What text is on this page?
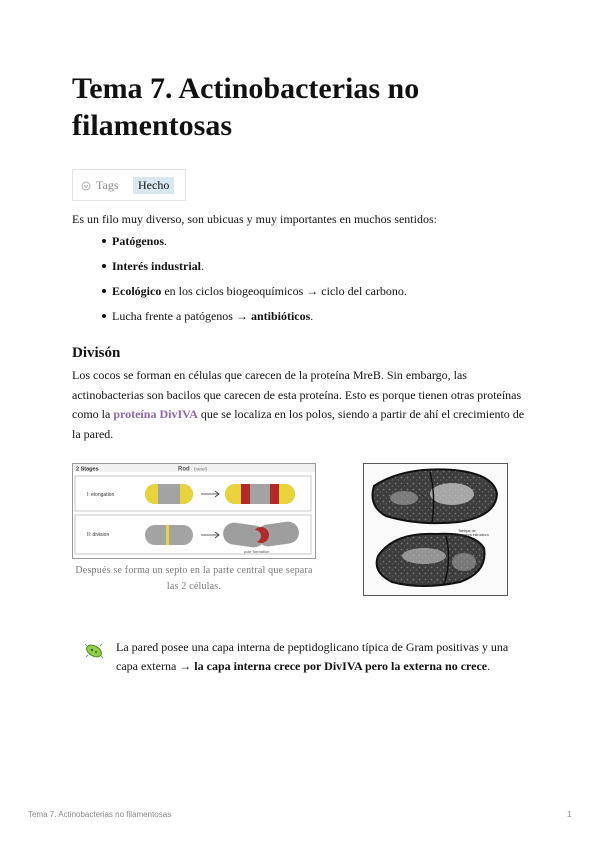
Tema 7. Actinobacterias no filamentosas
Tags	Hecho

Es un filo muy diverso, son ubicuas y muy importantes en muchos sentidos:

Patógenos.
Interés industrial.
Ecológico en los ciclos biogeoquímicos → ciclo del carbono.
Lucha frente a patógenos → antibióticos.
Divisón

Los cocos se forman en células que carecen de la proteína MreB. Sin embargo, las actinobacterias son bacilos que carecen de esta proteína. Esto es porque tienen otras proteínas como la proteína DivIVA que se localiza en los polos, siendo a partir de ahí el crecimiento de la pared.

2 Stages	Rod (ranel)
I: elongation
II: division
pole formation
Después se forma un septo en la parte central que separa las 2 células.
Tabique de
la nueva estructura
La pared posee una capa interna de peptidoglicano típica de Gram positivas y una capa externa → la capa interna crece por DivIVA pero la externa no crece.
Tema 7. Actinobacterias no filamentosas	1
